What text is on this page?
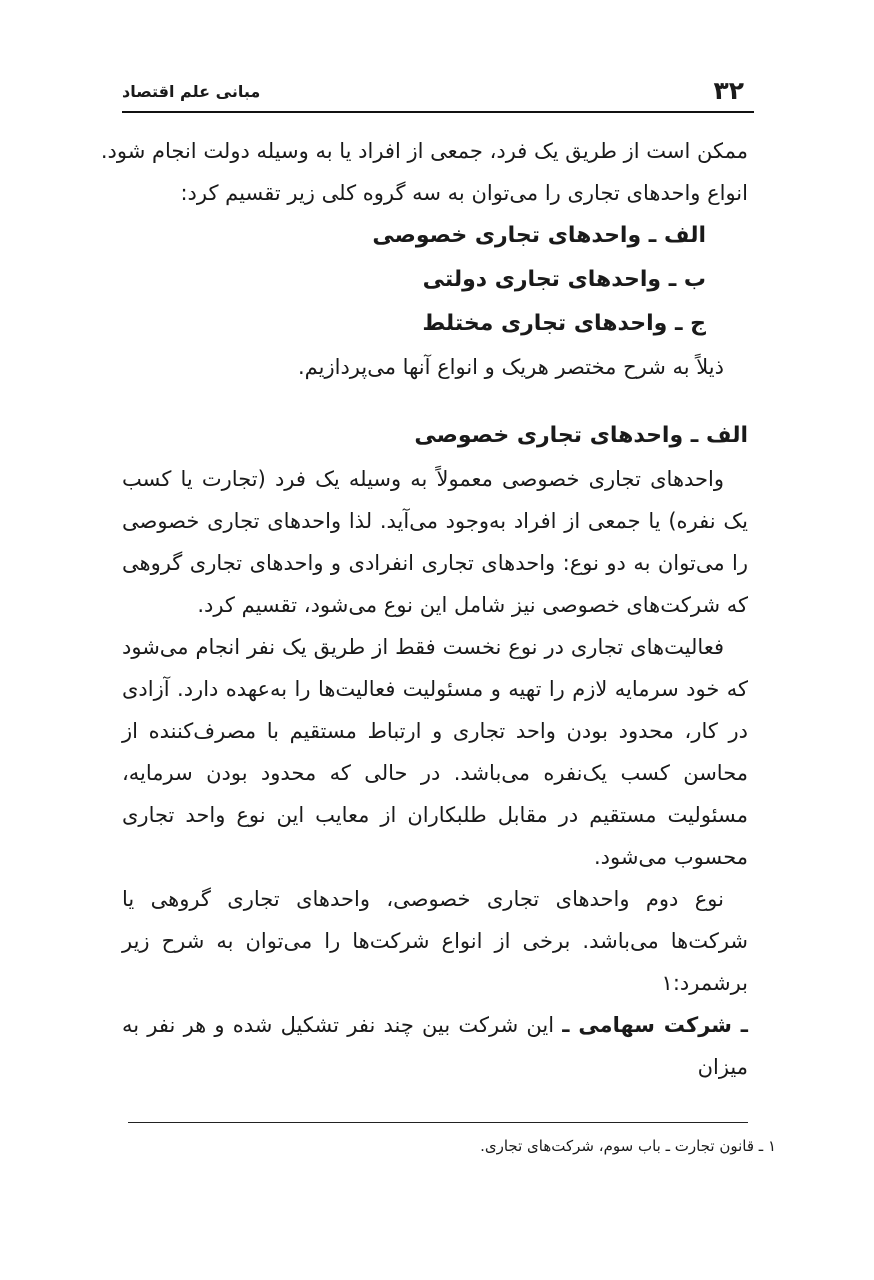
۳۲
مبانی علم اقتصاد
ممکن است از طریق یک فرد، جمعی از افراد یا به وسیله دولت انجام شود.
انواع واحدهای تجاری را می‌توان به سه گروه کلی زیر تقسیم کرد:
الف ـ واحدهای تجاری خصوصی
ب ـ واحدهای تجاری دولتی
ج ـ واحدهای تجاری مختلط

ذیلاً به شرح مختصر هریک و انواع آنها می‌پردازیم.

الف ـ واحدهای تجاری خصوصی

واحدهای تجاری خصوصی معمولاً به وسیله یک فرد (تجارت یا کسب یک نفره) یا جمعی از افراد به‌وجود می‌آید. لذا واحدهای تجاری خصوصی را می‌توان به دو نوع: واحدهای تجاری انفرادی و واحدهای تجاری گروهی که شرکت‌های خصوصی نیز شامل این نوع می‌شود، تقسیم کرد.

فعالیت‌های تجاری در نوع نخست فقط از طریق یک نفر انجام می‌شود که خود سرمایه لازم را تهیه و مسئولیت فعالیت‌ها را به‌عهده دارد. آزادی در کار، محدود بودن واحد تجاری و ارتباط مستقیم با مصرف‌کننده از محاسن کسب یک‌نفره می‌باشد. در حالی که محدود بودن سرمایه، مسئولیت مستقیم در مقابل طلبکاران از معایب این نوع واحد تجاری محسوب می‌شود.

نوع دوم واحدهای تجاری خصوصی، واحدهای تجاری گروهی یا شرکت‌ها می‌باشد. برخی از انواع شرکت‌ها را می‌توان به شرح زیر برشمرد:۱

ـ شرکت سهامی ـ این شرکت بین چند نفر تشکیل شده و هر نفر به میزان

۱ ـ قانون تجارت ـ باب سوم، شرکت‌های تجاری.
